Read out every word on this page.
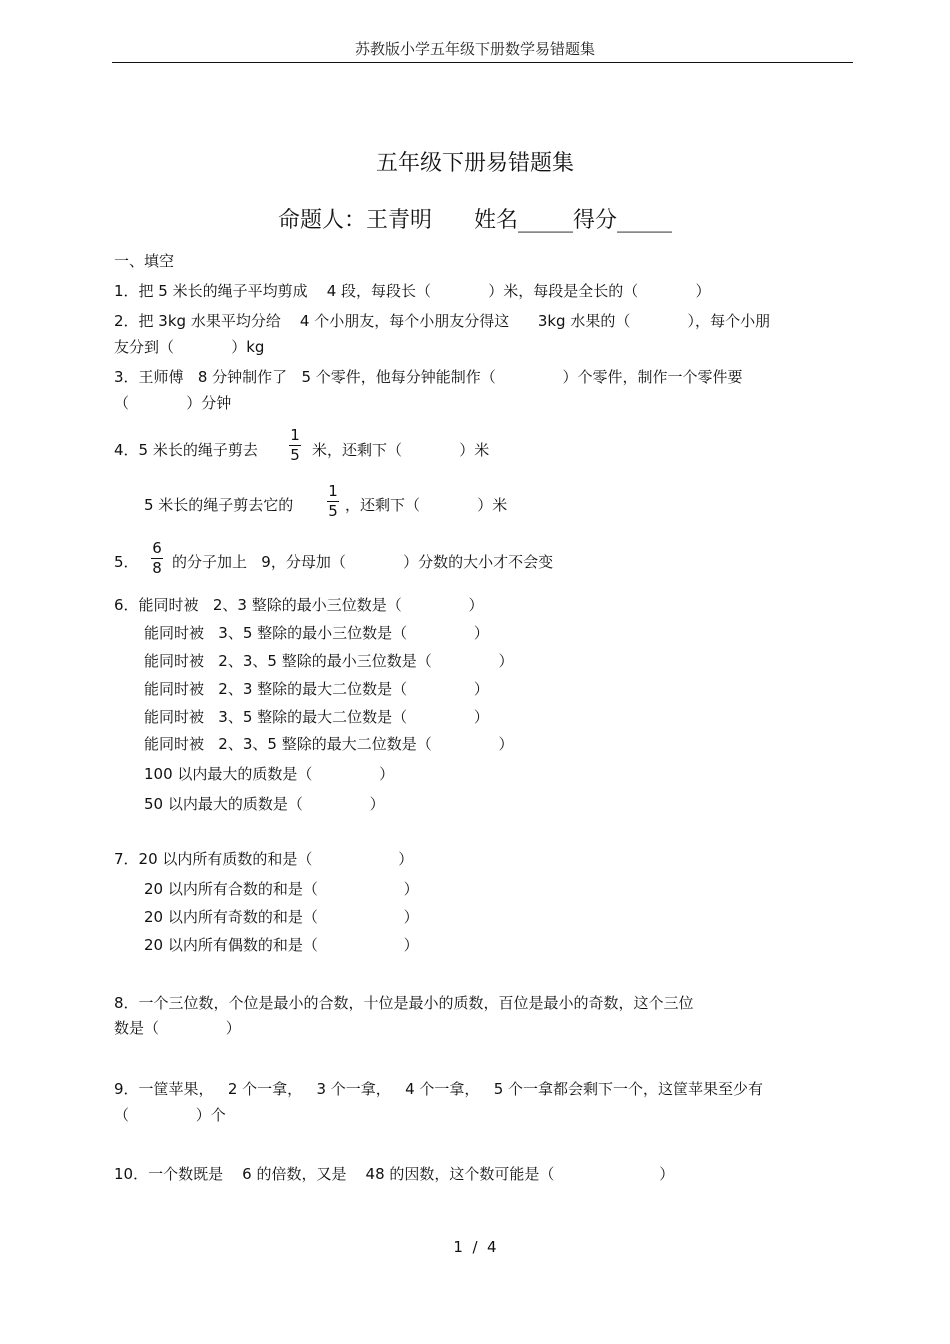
苏教版小学五年级下册数学易错题集
五年级下册易错题集
命题人：王青明      姓名_____得分_____
一、填空
1．把 5 米长的绳子平均剪成    4 段，每段长（            ）米，每段是全长的（            ）
2．把 3kg 水果平均分给    4 个小朋友，每个小朋友分得这      3kg 水果的（            ），每个小朋
友分到（            ）kg
3．王师傅   8 分钟制作了   5 个零件，他每分钟能制作（              ）个零件，制作一个零件要
（            ）分钟
4．5 米长的绳子剪去
1
5 米，还剩下（            ）米
5 米长的绳子剪去它的
1
5 ，还剩下（            ）米
5．
6
8 的分子加上   9，分母加（            ）分数的大小才不会变
6．能同时被   2、3 整除的最小三位数是（              ）
能同时被   3、5 整除的最小三位数是（              ）
能同时被   2、3、5 整除的最小三位数是（              ）
能同时被   2、3 整除的最大二位数是（              ）
能同时被   3、5 整除的最大二位数是（              ）
能同时被   2、3、5 整除的最大二位数是（              ）
100 以内最大的质数是（              ）
50 以内最大的质数是（              ）
7．20 以内所有质数的和是（                  ）
20 以内所有合数的和是（                  ）
20 以内所有奇数的和是（                  ）
20 以内所有偶数的和是（                  ）
8．一个三位数，个位是最小的合数，十位是最小的质数，百位是最小的奇数，这个三位
数是（              ）
9．一筐苹果，   2 个一拿，   3 个一拿，   4 个一拿，   5 个一拿都会剩下一个，这筐苹果至少有
（              ）个
10．一个数既是    6 的倍数，又是    48 的因数，这个数可能是（                      ）
1  /  4
